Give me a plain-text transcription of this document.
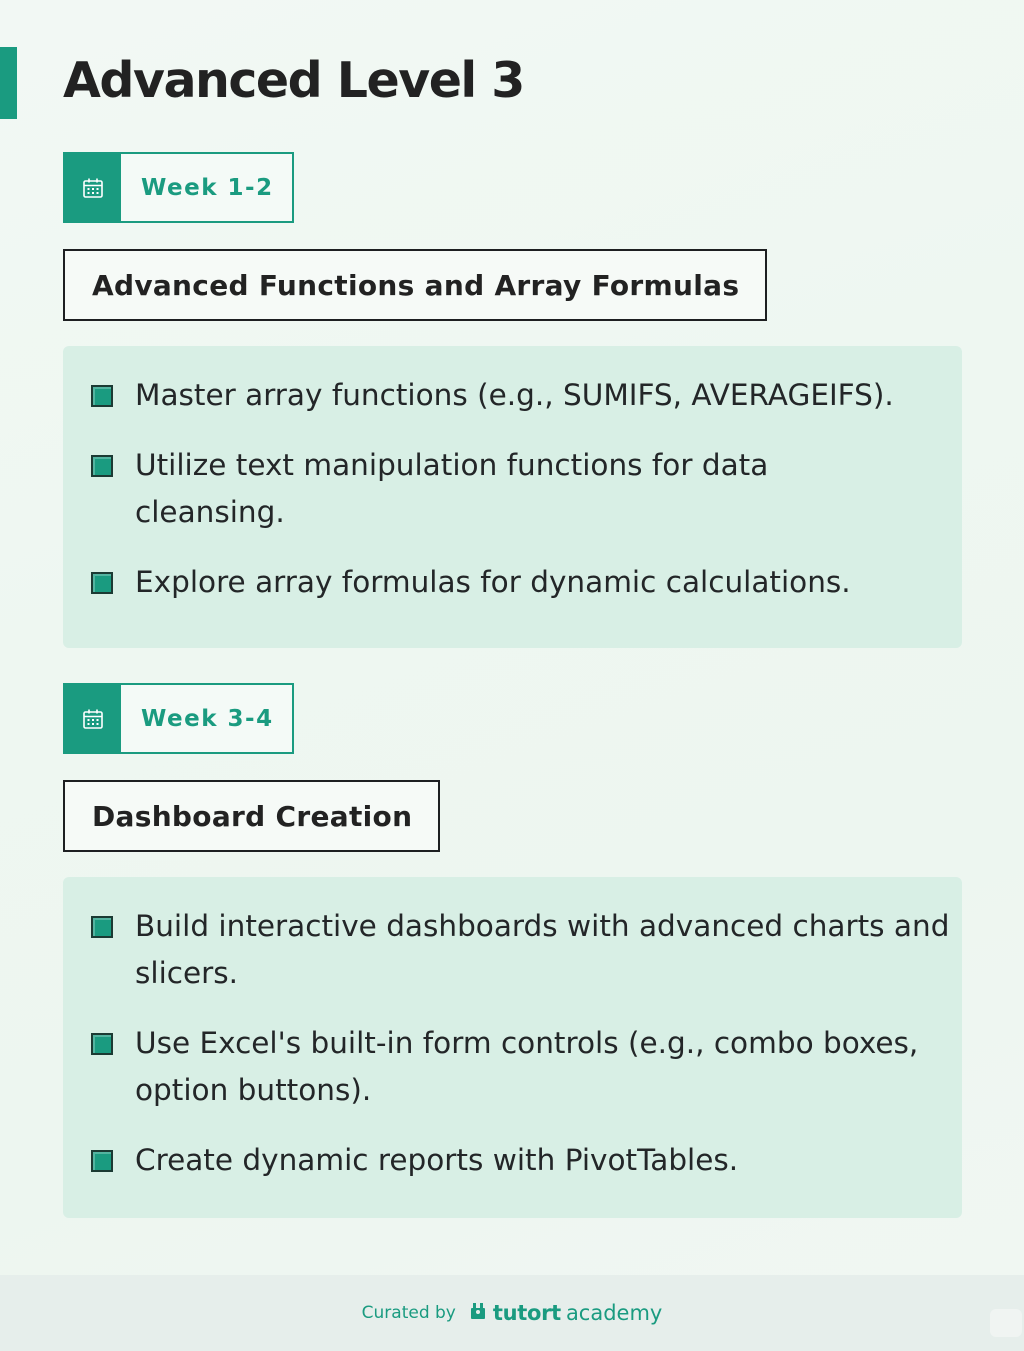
Advanced Level 3
Week 1-2
Advanced Functions and Array Formulas
Master array functions (e.g., SUMIFS, AVERAGEIFS).
Utilize text manipulation functions for data cleansing.
Explore array formulas for dynamic calculations.
Week 3-4
Dashboard Creation
Build interactive dashboards with advanced charts and slicers.
Use Excel's built-in form controls (e.g., combo boxes, option buttons).
Create dynamic reports with PivotTables.
Curated by tutort academy
